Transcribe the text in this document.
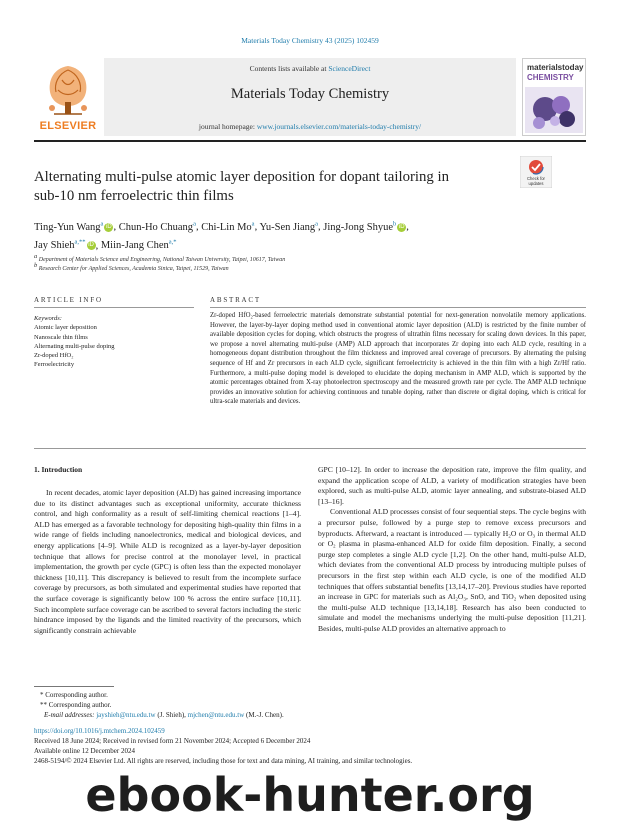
Materials Today Chemistry 43 (2025) 102459
ELSEVIER
Contents lists available at ScienceDirect
Materials Today Chemistry
journal homepage: www.journals.elsevier.com/materials-today-chemistry/
materialstoday
CHEMISTRY
Alternating multi-pulse atomic layer deposition for dopant tailoring in
sub-10 nm ferroelectric thin films
Check for
updates
Ting-Yun Wang$^a$ iD , Chun-Ho Chuang$^a$, Chi-Lin Mo$^a$, Yu-Sen Jiang$^a$, Jing-Jong Shyue$^b$ iD ,
Jay Shieh$^{a,**}$ iD , Miin-Jang Chen$^{a,*}$
a Department of Materials Science and Engineering, National Taiwan University, Taipei, 10617, Taiwan
b Research Center for Applied Sciences, Academia Sinica, Taipei, 11529, Taiwan
ARTICLE INFO	ABSTRACT
Keywords:
Atomic layer deposition
Nanoscale thin films
Alternating multi-pulse doping
Zr-doped HfO₂
Ferroelectricity
Zr-doped HfO₂-based ferroelectric materials demonstrate substantial potential for next-generation nonvolatile memory applications. However, the layer-by-layer doping method used in conventional atomic layer deposition (ALD) is restricted by the finite number of available deposition cycles for doping, which obstructs the progress of ultrathin films necessary for scaling down devices. In this paper, we propose a novel alternating multi-pulse (AMP) ALD approach that incorporates Zr doping into each ALD cycle, resulting in a homogeneous dopant distribution throughout the film thickness and improved areal coverage of precursors. By alternating the pulsing sequence of Hf and Zr precursors in each ALD cycle, significant ferroelectricity is achieved in the thin film with a high Zr/Hf ratio. Furthermore, a multi-pulse doping model is developed to elucidate the doping mechanism in AMP ALD, which is supported by the atomic percentages obtained from X-ray photoelectron spectroscopy and the measured growth rate per cycle. The AMP ALD technique provides an innovative solution for achieving continuous and tunable doping, rather than discrete or digital doping, which is critical for ultra-scale materials and devices.
1. Introduction
In recent decades, atomic layer deposition (ALD) has gained increasing importance due to its distinct advantages such as exceptional uniformity, accurate thickness control, and high conformality as a result of self-limiting chemical reactions [1–4]. ALD has emerged as a favorable technology for depositing high-quality thin films in a wide range of fields including nanoelectronics, medical and biological devices, and energy applications [4–9]. While ALD is recognized as a layer-by-layer deposition technique that allows for precise control at the monolayer level, in practical implementation, the growth per cycle (GPC) is often less than the expected monolayer thickness [10,11]. This discrepancy is believed to result from the incomplete surface coverage by precursors, as both simulated and experimental studies have reported that the surface coverage is significantly below 100 % across the entire surface [10,11]. Such incomplete surface coverage can be ascribed to several factors including the steric hindrance imposed by the ligands and the limited reactivity of the precursors, which significantly constrain achievable

GPC [10–12]. In order to increase the deposition rate, improve the film quality, and expand the application scope of ALD, a variety of modification strategies have been explored, such as multi-pulse ALD, atomic layer annealing, and substrate-biased ALD [13–16].

Conventional ALD processes consist of four sequential steps. The cycle begins with a precursor pulse, followed by a purge step to remove excess precursors and byproducts. Afterward, a reactant is introduced — typically H₂O or O₃ in thermal ALD or O₂ plasma in plasma-enhanced ALD for oxide film deposition. Finally, a second purge step completes a single ALD cycle [1,2]. On the other hand, multi-pulse ALD, which deviates from the conventional ALD process by introducing multiple pulses of precursors in the first step within each ALD cycle, is one of the modified ALD techniques that offers substantial benefits [13,14,17–20]. Previous studies have reported an increase in GPC for materials such as Al₂O₃, SnO, and TiO₂ when deposited using the multi-pulse ALD technique [13,14,18]. Research has also been conducted to simulate and model the mechanisms underlying the multi-pulse deposition [11,21]. Besides, multi-pulse ALD provides an alternative approach to

* Corresponding author.
** Corresponding author.
E-mail addresses: jayshieh@ntu.edu.tw (J. Shieh), mjchen@ntu.edu.tw (M.-J. Chen).
https://doi.org/10.1016/j.mtchem.2024.102459
Received 18 June 2024; Received in revised form 21 November 2024; Accepted 6 December 2024
Available online 12 December 2024
2468-5194/© 2024 Elsevier Ltd. All rights are reserved, including those for text and data mining, AI training, and similar technologies.
ebook-hunter.org
